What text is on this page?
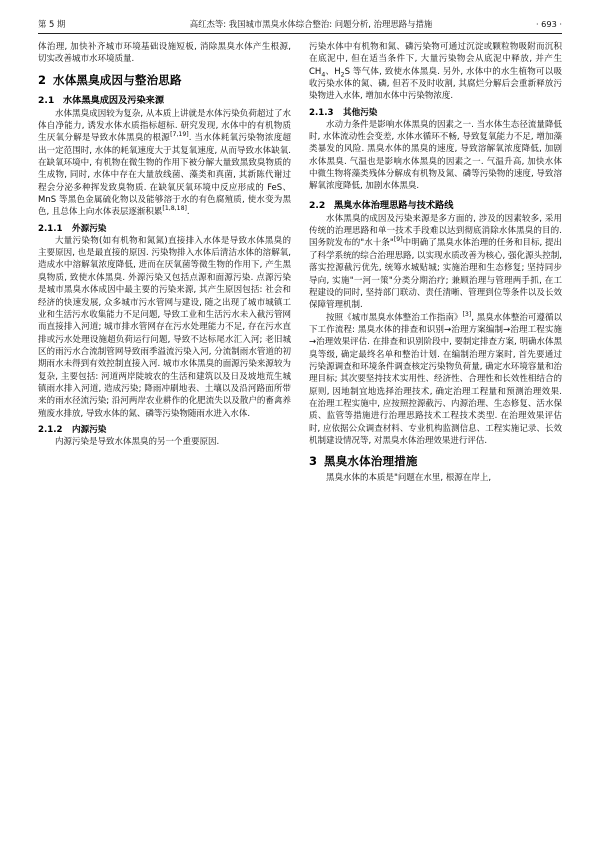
第 5 期	高红杰等: 我国城市黑臭水体综合整治: 问题分析, 治理思路与措施	· 693 ·

体治理, 加快补齐城市环境基础设施短板, 消除黑臭水体产生根源, 切实改善城市水环境质量.

2 水体黑臭成因与整治思路
2.1 水体黑臭成因及污染来源

水体黑臭成因较为复杂, 从本质上讲就是水体污染负荷超过了水体自净能力, 诱发水体水质指标超标. 研究发现, 水体中的有机物质生厌氧分解是导致水体黑臭的根源[7,19]. 当水体耗氧污染物浓度超出一定范围时, 水体的耗氧速度大于其复氧速度, 从而导致水体缺氧. 在缺氧环境中, 有机物在微生物的作用下被分解大量致黑致臭物质的生成物, 同时, 水体中存在大量放线菌、藻类和真菌, 其新陈代谢过程会分泌多种挥发致臭物质. 在缺氧厌氧环境中反应形成的 FeS、MnS 等黑色金属硫化物以及能够溶于水的有色腐殖质, 使水变为黑色, 且总体上向水体表层逐渐积累[1,8,18].

2.1.1 外源污染

大量污染物(如有机物和氮氮)直接排入水体是导致水体黑臭的主要原因, 也是最直接的原因. 污染物排入水体后清洁水体的溶解氧, 造成水中溶解氧浓度降低, 进而在厌氧菌等微生物的作用下, 产生黑臭物质, 致使水体黑臭. 外源污染又包括点源和面源污染. 点源污染是城市黑臭水体成因中最主要的污染来源, 其产生原因包括: 社会和经济的快速发展, 众多城市污水管网与建设, 随之出现了城市城镇工业和生活污水收集能力不足问题, 导致工业和生活污水未入截污管网而直接排入河道; 城市排水管网存在污水处理能力不足, 存在污水直排或污水处理设施超负荷运行问题, 导致不达标尾水汇入河; 老旧城区的雨污水合流制管网导致雨季溢流污染入河, 分流制雨水管道的初期雨水未得到有效控制直接入河. 城市水体黑臭的面源污染来源较为复杂, 主要包括: 河道两岸陡坡农的生活和建筑以及日及坡地荒生城镇雨水排入河道, 造成污染; 降雨冲刷地表、土壤以及沿河路面所带来的雨水径流污染; 沿河两岸农业耕作的化肥流失以及散户的畜禽养殖废水排放, 导致水体的氮、磷等污染物随雨水进入水体.

2.1.2 内源污染

内源污染是导致水体黑臭的另一个重要原因.

污染水体中有机物和氮、磷污染物可通过沉淀或颗粒物吸附而沉积在底泥中, 但在适当条件下, 大量污染物会从底泥中释放, 并产生 $CH_4$、$H_2S$ 等气体, 致使水体黑臭. 另外, 水体中的水生植物可以吸收污染水体的氮、磷, 但若不及时收割, 其腐烂分解后会重新释放污染物进入水体, 增加水体中污染物浓度.

2.1.3 其他污染

水动力条件是影响水体黑臭的因素之一. 当水体生态径流量降低时, 水体流动性会变差, 水体水循环不畅, 导致复氧能力不足, 增加藻类暴发的风险. 黑臭水体的黑臭的速度, 导致溶解氧浓度降低, 加剧水体黑臭. 气温也是影响水体黑臭的因素之一. 气温升高, 加快水体中微生物将藻类残体分解成有机物及氮、磷等污染物的速度, 导致溶解氧浓度降低, 加剧水体黑臭.

2.2 黑臭水体治理思路与技术路线

水体黑臭的成因及污染来源是多方面的, 涉及的因素较多, 采用传统的治理思路和单一技术手段难以达到彻底消除水体黑臭的目的. 国务院发布的"水十条"[9]中明确了黑臭水体治理的任务和目标, 提出了科学系统的综合治理思路, 以实现水质改善为核心, 强化源头控制, 落实控源截污优先, 统筹水城贴城; 实施治理和生态修复; 坚持同步导向, 实施"一河一策"分类分期治疗; 兼顾治理与管理两手抓, 在工程建设的同时, 坚持部门联动、责任清晰、管理到位等条件以及长效保障管理机制.

按照《城市黑臭水体整治工作指南》[3], 黑臭水体整治可遵循以下工作流程: 黑臭水体的排查和识别→治理方案编制→治理工程实施→治理效果评估. 在排查和识别阶段中, 要制定排查方案, 明确水体黑臭等级, 确定最终名单和整治计划. 在编制治理方案时, 首先要通过污染源调查和环境条件调查核定污染物负荷量, 确定水环境容量和治理目标; 其次要坚持技术实用性、经济性、合理性和长效性相结合的原则, 因地制宜地选择治理技术, 确定治理工程量和预测治理效果. 在治理工程实施中, 应按照控源截污、内源治理、生态修复、活水保质、监管等措施进行治理思路技术工程技术类型. 在治理效果评估时, 应依据公众调查材料、专业机构监测信息、工程实施记录、长效机制建设情况等, 对黑臭水体治理效果进行评估.

3 黑臭水体治理措施

黑臭水体的本质是"问题在水里, 根源在岸上,
